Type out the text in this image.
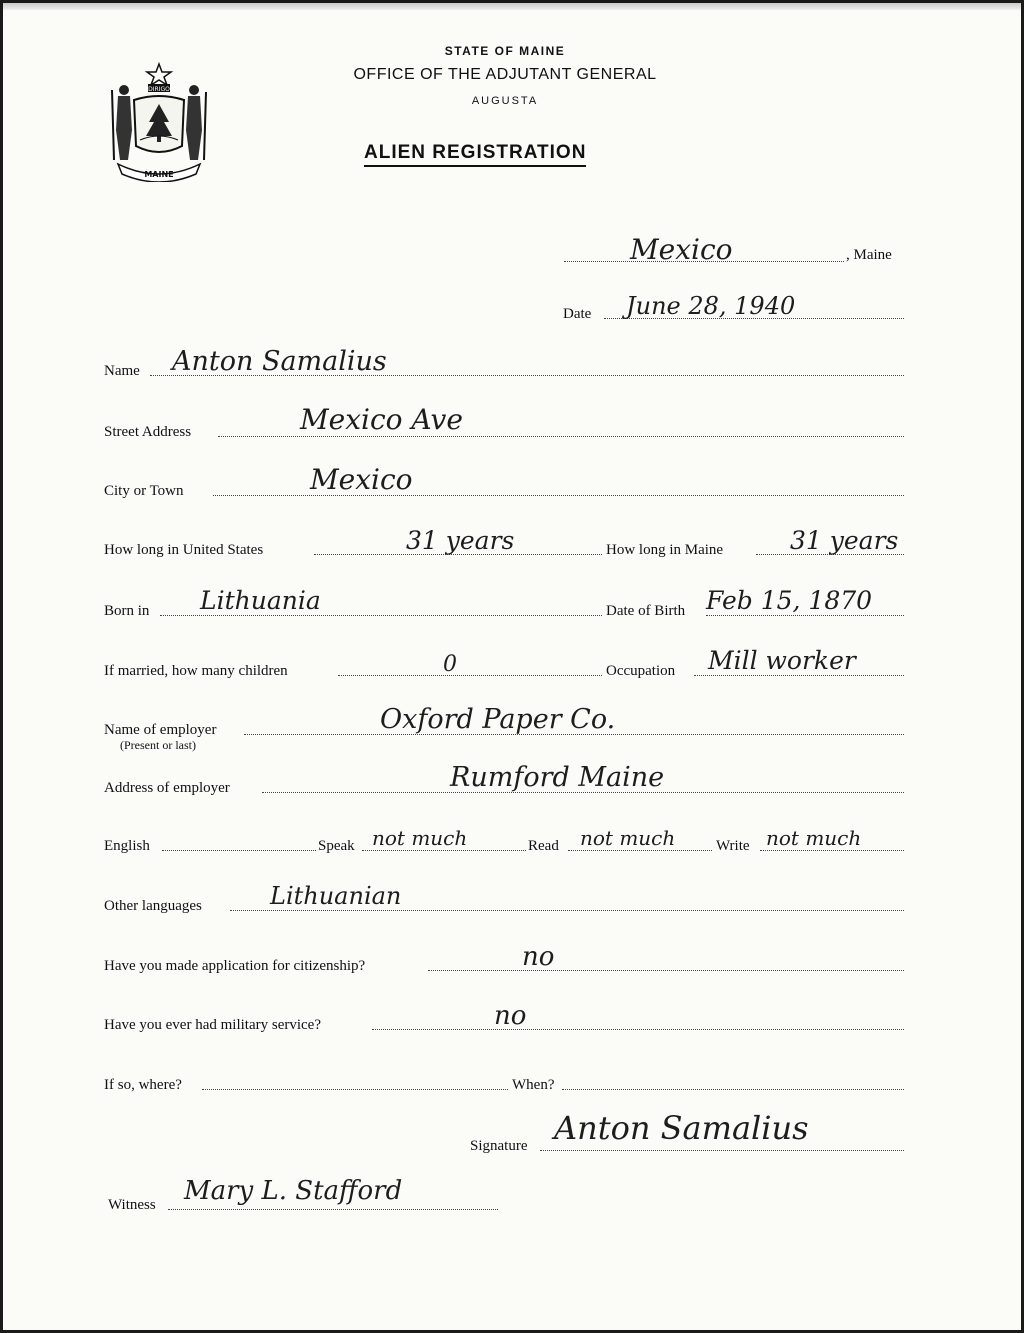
DIRIGO
MAINE
STATE OF MAINE
OFFICE OF THE ADJUTANT GENERAL
AUGUSTA
ALIEN REGISTRATION
Mexico	, Maine
Date June 28, 1940
Name Anton Samalius
Street Address	Mexico Ave
City or Town	Mexico
How long in United States	31 years	How long in Maine	31 years
Born in Lithuania	Date of Birth Feb 15, 1870
If married, how many children	0	Occupation Mill worker
Name of employer
(Present or last)
Oxford Paper Co.
Address of employer	Rumford Maine
English	Speak not much	Read not much	Write not much
Other languages	Lithuanian
Have you made application for citizenship?	no
Have you ever had military service?	no
If so, where?	When?
Signature Anton Samalius
Witness Mary L. Stafford
